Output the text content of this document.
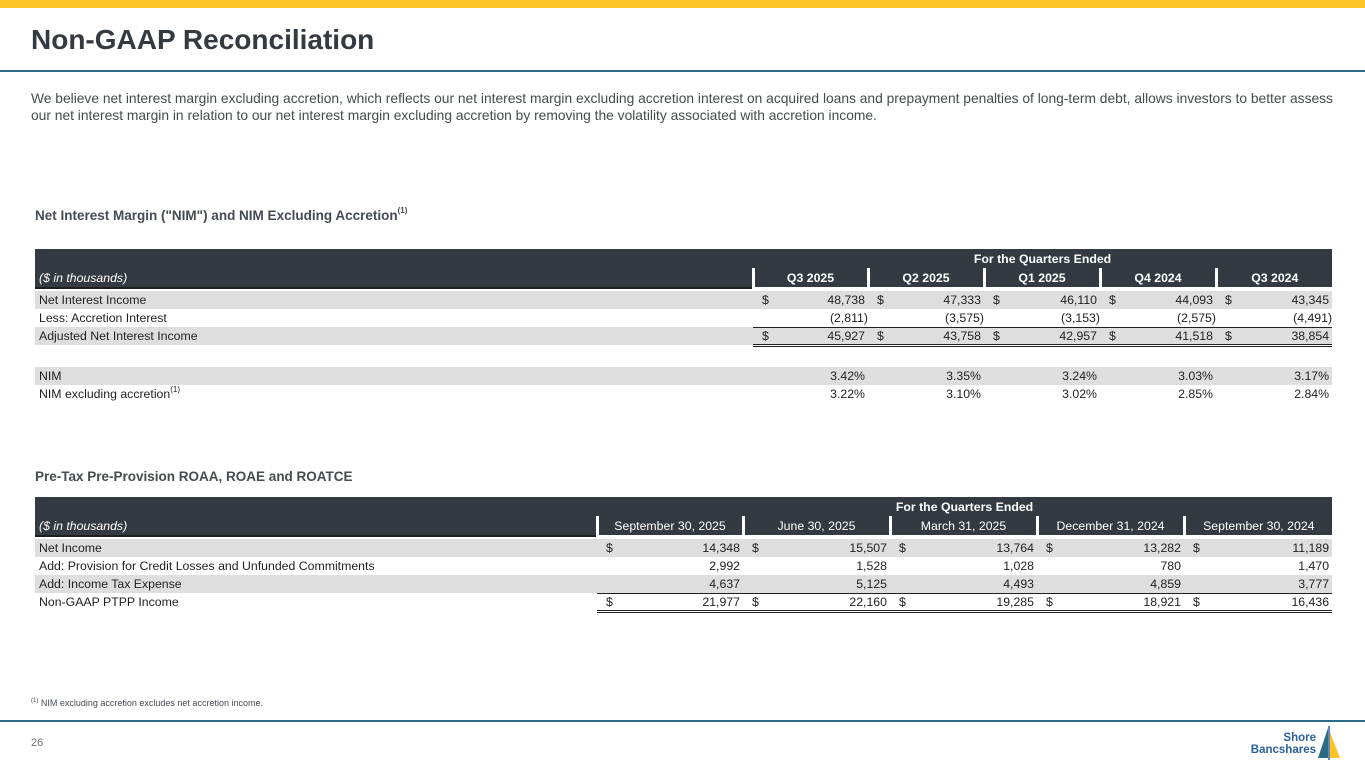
Non-GAAP Reconciliation
We believe net interest margin excluding accretion, which reflects our net interest margin excluding accretion interest on acquired loans and prepayment penalties of long-term debt, allows investors to better assess our net interest margin in relation to our net interest margin excluding accretion by removing the volatility associated with accretion income.
Net Interest Margin ("NIM") and NIM Excluding Accretion$^{(1)}$
	For the Quarters Ended				
($ in thousands)	Q3 2025	Q2 2025	Q1 2025	Q4 2024	Q3 2024

Net Interest Income	$ 48,738	$ 47,333	$ 46,110	$ 44,093	$ 43,345

Less: Accretion Interest	(2,811)	(3,575)	(3,153)	(2,575)	(4,491)
Adjusted Net Interest Income	$ 45,927	$ 43,758	$ 42,957	$ 41,518	$ 38,854

NIM	3.42%	3.35%	3.24%	3.03%	3.17%
NIM excluding accretion$^{(1)}$	3.22%	3.10%	3.02%	2.85%	2.84%
Pre-Tax Pre-Provision ROAA, ROAE and ROATCE
	For the Quarters Ended				
($ in thousands)	September 30, 2025	June 30, 2025	March 31, 2025	December 31, 2024	September 30, 2024

Net Income	$ 14,348	$ 15,507	$ 13,764	$ 13,282	$ 11,189

Add: Provision for Credit Losses and Unfunded Commitments	2,992	1,528	1,028	780	1,470
Add: Income Tax Expense	4,637	5,125	4,493	4,859	3,777
Non-GAAP PTPP Income	$ 21,977	$ 22,160	$ 19,285	$ 18,921	$ 16,436
$^{(1)}$ NIM excluding accretion excludes net accretion income.
26	Shore
Bancshares
